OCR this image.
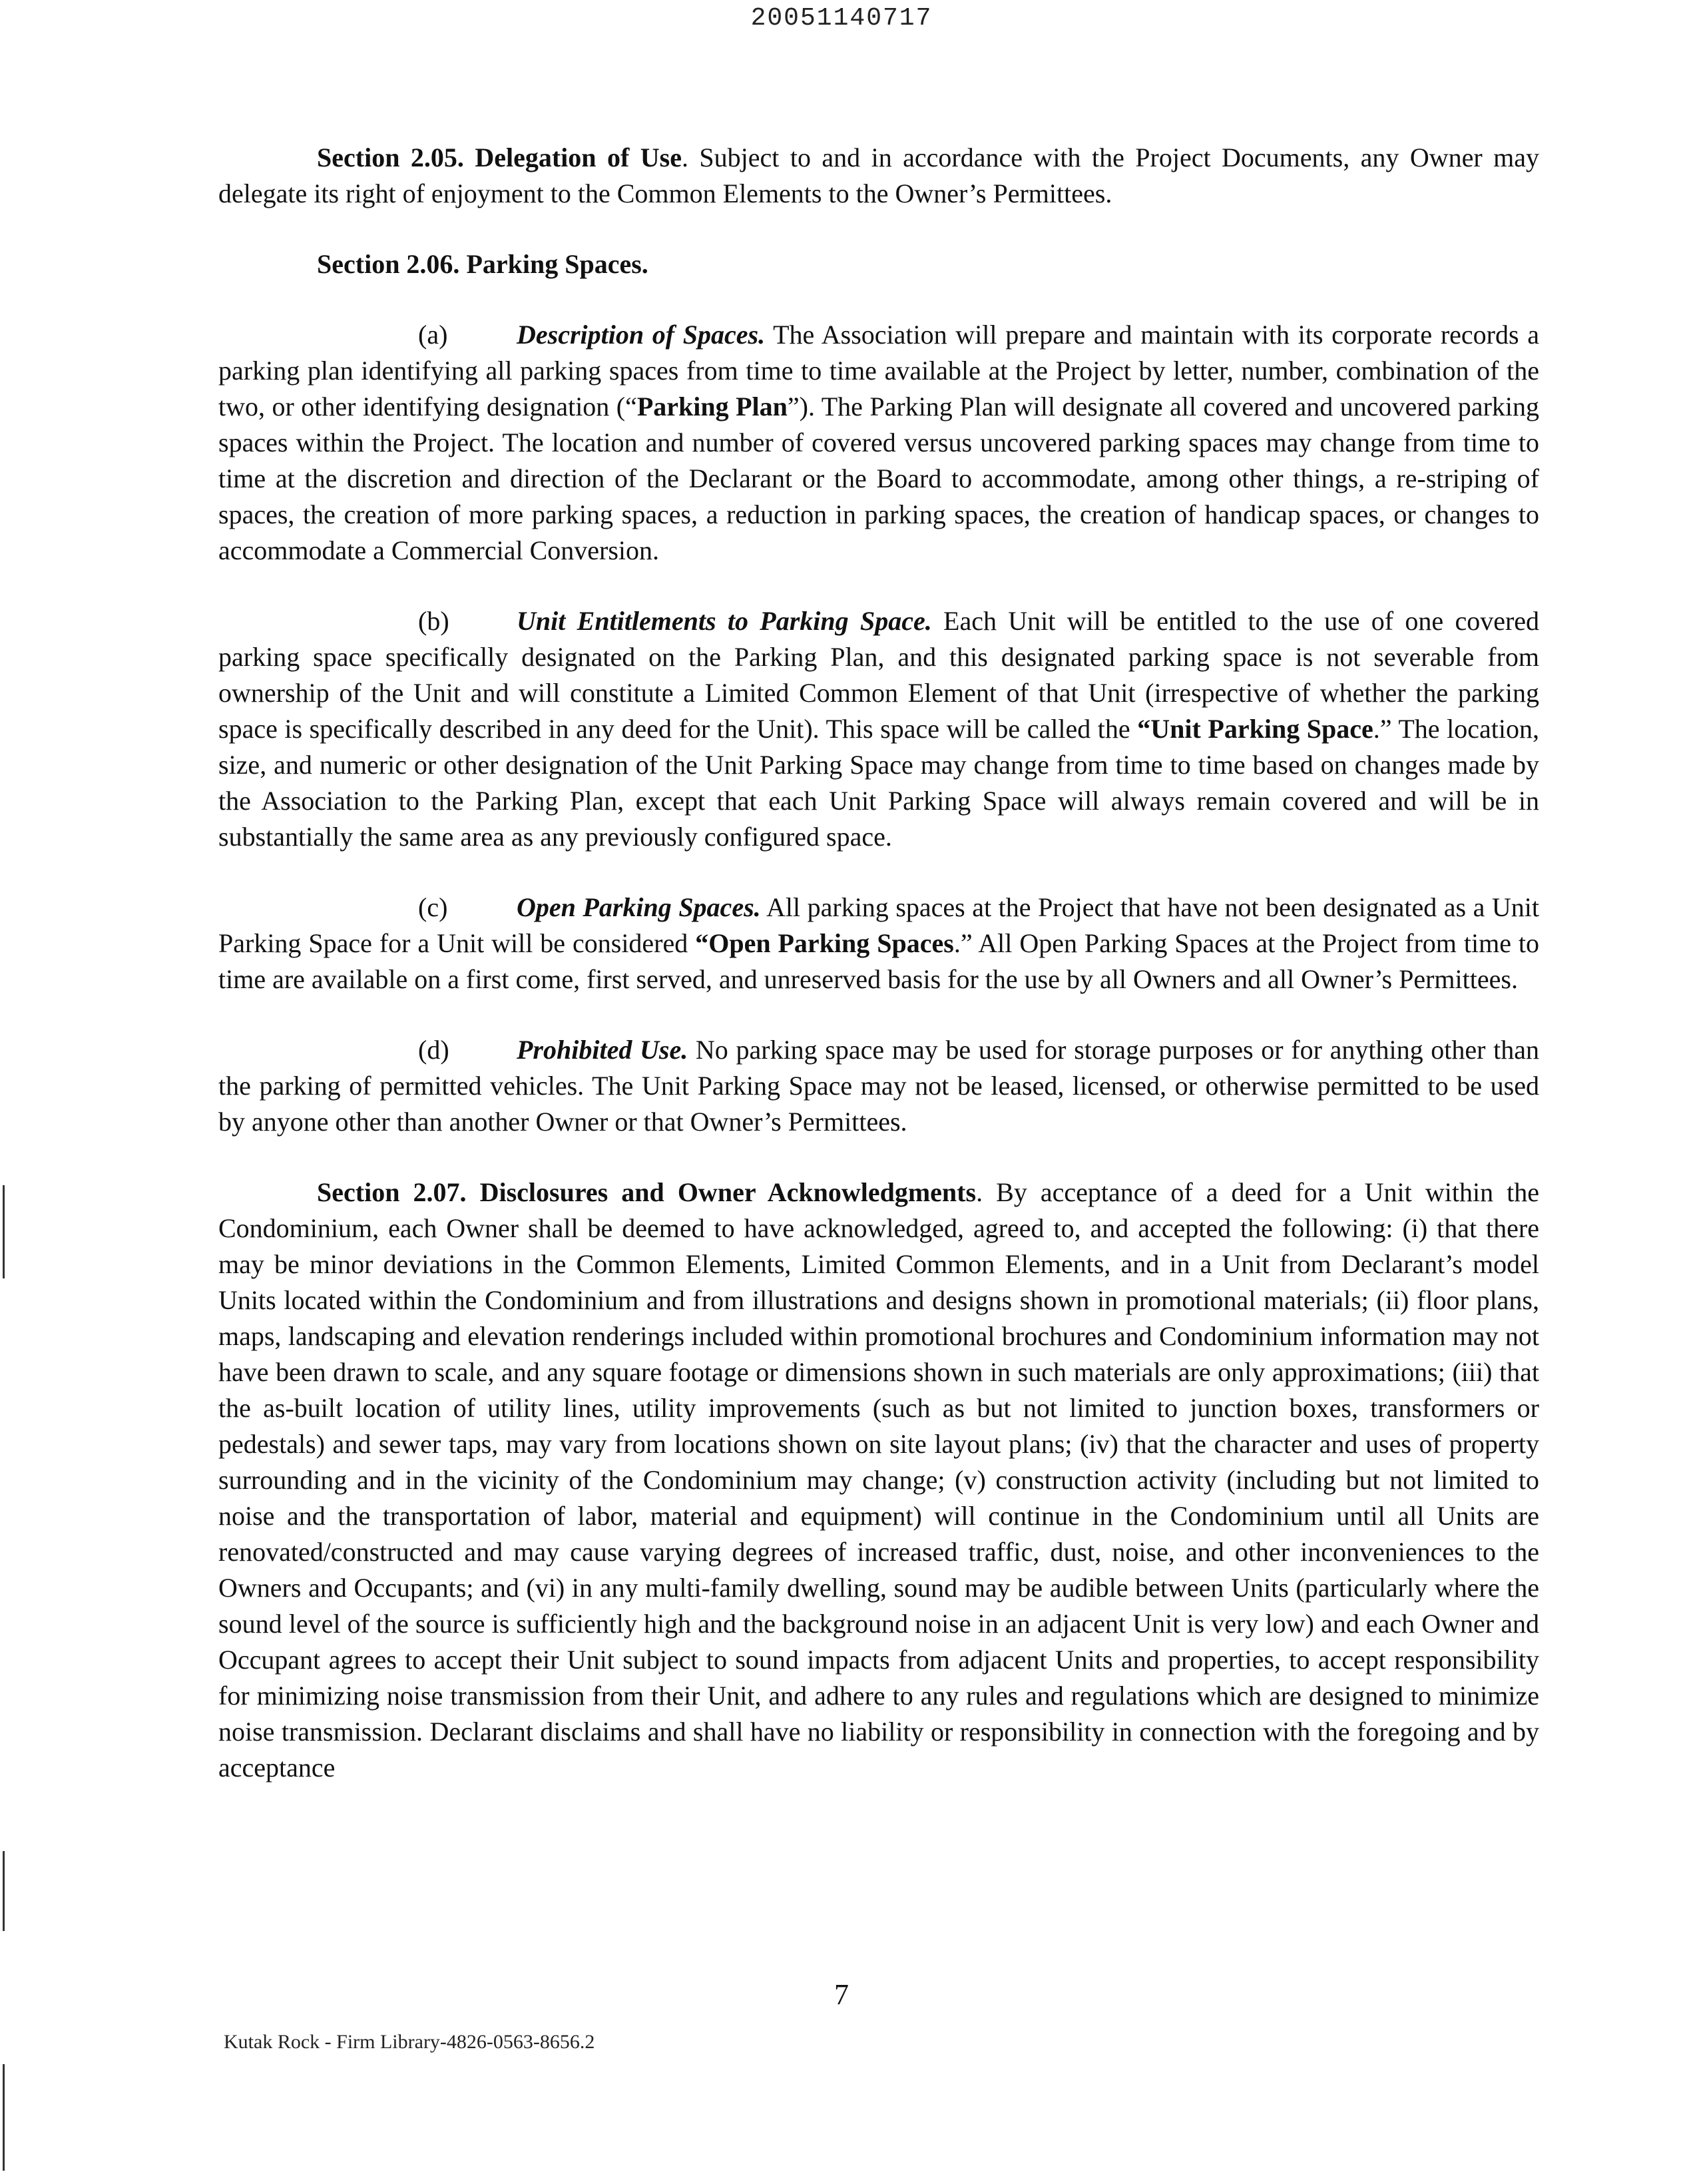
20051140717

Section 2.05. Delegation of Use. Subject to and in accordance with the Project Documents, any Owner may delegate its right of enjoyment to the Common Elements to the Owner’s Permittees.

Section 2.06. Parking Spaces.

(a)	Description of Spaces. The Association will prepare and maintain with its corporate records a parking plan identifying all parking spaces from time to time available at the Project by letter, number, combination of the two, or other identifying designation (“Parking Plan”). The Parking Plan will designate all covered and uncovered parking spaces within the Project. The location and number of covered versus uncovered parking spaces may change from time to time at the discretion and direction of the Declarant or the Board to accommodate, among other things, a re-striping of spaces, the creation of more parking spaces, a reduction in parking spaces, the creation of handicap spaces, or changes to accommodate a Commercial Conversion.

(b)	Unit Entitlements to Parking Space. Each Unit will be entitled to the use of one covered parking space specifically designated on the Parking Plan, and this designated parking space is not severable from ownership of the Unit and will constitute a Limited Common Element of that Unit (irrespective of whether the parking space is specifically described in any deed for the Unit). This space will be called the “Unit Parking Space.” The location, size, and numeric or other designation of the Unit Parking Space may change from time to time based on changes made by the Association to the Parking Plan, except that each Unit Parking Space will always remain covered and will be in substantially the same area as any previously configured space.

(c)	Open Parking Spaces. All parking spaces at the Project that have not been designated as a Unit Parking Space for a Unit will be considered “Open Parking Spaces.” All Open Parking Spaces at the Project from time to time are available on a first come, first served, and unreserved basis for the use by all Owners and all Owner’s Permittees.

(d)	Prohibited Use. No parking space may be used for storage purposes or for anything other than the parking of permitted vehicles. The Unit Parking Space may not be leased, licensed, or otherwise permitted to be used by anyone other than another Owner or that Owner’s Permittees.

Section 2.07. Disclosures and Owner Acknowledgments. By acceptance of a deed for a Unit within the Condominium, each Owner shall be deemed to have acknowledged, agreed to, and accepted the following: (i) that there may be minor deviations in the Common Elements, Limited Common Elements, and in a Unit from Declarant’s model Units located within the Condominium and from illustrations and designs shown in promotional materials; (ii) floor plans, maps, landscaping and elevation renderings included within promotional brochures and Condominium information may not have been drawn to scale, and any square footage or dimensions shown in such materials are only approximations; (iii) that the as-built location of utility lines, utility improvements (such as but not limited to junction boxes, transformers or pedestals) and sewer taps, may vary from locations shown on site layout plans; (iv) that the character and uses of property surrounding and in the vicinity of the Condominium may change; (v) construction activity (including but not limited to noise and the transportation of labor, material and equipment) will continue in the Condominium until all Units are renovated/constructed and may cause varying degrees of increased traffic, dust, noise, and other inconveniences to the Owners and Occupants; and (vi) in any multi-family dwelling, sound may be audible between Units (particularly where the sound level of the source is sufficiently high and the background noise in an adjacent Unit is very low) and each Owner and Occupant agrees to accept their Unit subject to sound impacts from adjacent Units and properties, to accept responsibility for minimizing noise transmission from their Unit, and adhere to any rules and regulations which are designed to minimize noise transmission. Declarant disclaims and shall have no liability or responsibility in connection with the foregoing and by acceptance

7
Kutak Rock - Firm Library-4826-0563-8656.2
